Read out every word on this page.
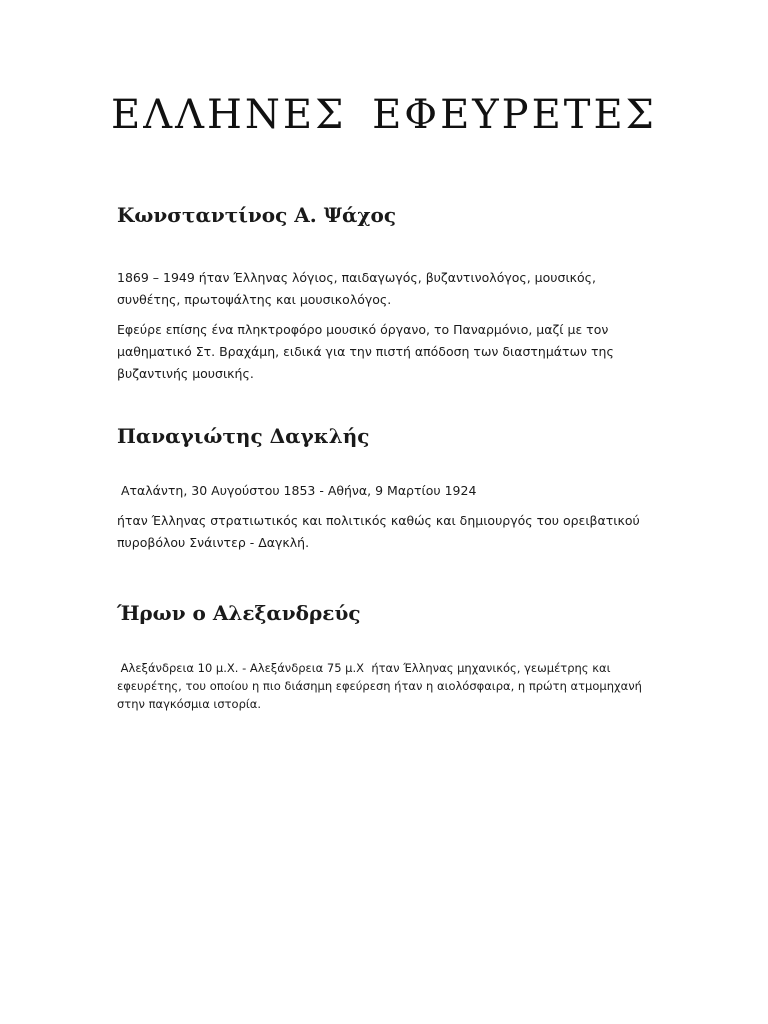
ΕΛΛΗΝΕΣ ΕΦΕΥΡΕΤΕΣ
Κωνσταντίνος Α. Ψάχος

1869 – 1949 ήταν Έλληνας λόγιος, παιδαγωγός, βυζαντινολόγος, μουσικός, συνθέτης, πρωτοψάλτης και μουσικολόγος.

Εφεύρε επίσης ένα πληκτροφόρο μουσικό όργανο, το Παναρμόνιο, μαζί με τον μαθηματικό Στ. Βραχάμη, ειδικά για την πιστή απόδοση των διαστημάτων της βυζαντινής μουσικής.

Παναγιώτης Δαγκλής

Αταλάντη, 30 Αυγούστου 1853 - Αθήνα, 9 Μαρτίου 1924

ήταν Έλληνας στρατιωτικός και πολιτικός καθώς και δημιουργός του ορειβατικού πυροβόλου Σνάιντερ - Δαγκλή.

Ήρων ο Αλεξανδρεύς

Αλεξάνδρεια 10 μ.Χ. - Αλεξάνδρεια 75 μ.Χ  ήταν Έλληνας μηχανικός, γεωμέτρης και εφευρέτης, του οποίου η πιο διάσημη εφεύρεση ήταν η αιολόσφαιρα, η πρώτη ατμομηχανή στην παγκόσμια ιστορία.
